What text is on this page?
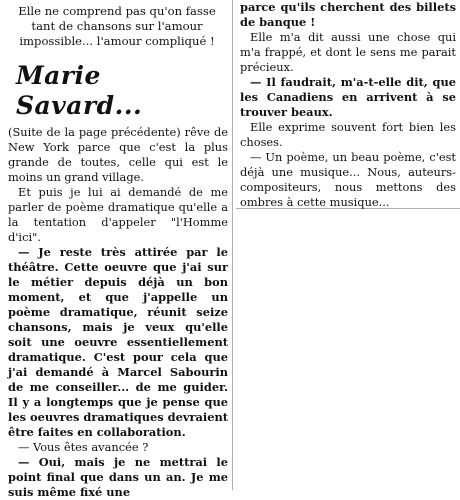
Elle ne comprend pas qu'on fasse tant de chansons sur l'amour impossible... l'amour compliqué !
Marie Savard...

(Suite de la page précédente) rêve de New York parce que c'est la plus grande de toutes, celle qui est le moins un grand village.

Et puis je lui ai demandé de me parler de poème dramatique qu'elle a la tentation d'appeler "l'Homme d'ici".

— Je reste très attirée par le théâtre. Cette oeuvre que j'ai sur le métier depuis déjà un bon moment, et que j'appelle un poème dramatique, réunit seize chansons, mais je veux qu'elle soit une oeuvre essentiellement dramatique. C'est pour cela que j'ai demandé à Marcel Sabourin de me conseiller... de me guider. Il y a longtemps que je pense que les oeuvres dramatiques devraient être faites en collaboration.

— Vous êtes avancée ?

— Oui, mais je ne mettrai le point final que dans un an. Je me suis même fixé une

parce qu'ils cherchent des billets de banque !

Elle m'a dit aussi une chose qui m'a frappé, et dont le sens me parait précieux.

— Il faudrait, m'a-t-elle dit, que les Canadiens en arrivent à se trouver beaux.

Elle exprime souvent fort bien les choses.

— Un poème, un beau poème, c'est déjà une musique... Nous, auteurs-compositeurs, nous mettons des ombres à cette musique...
